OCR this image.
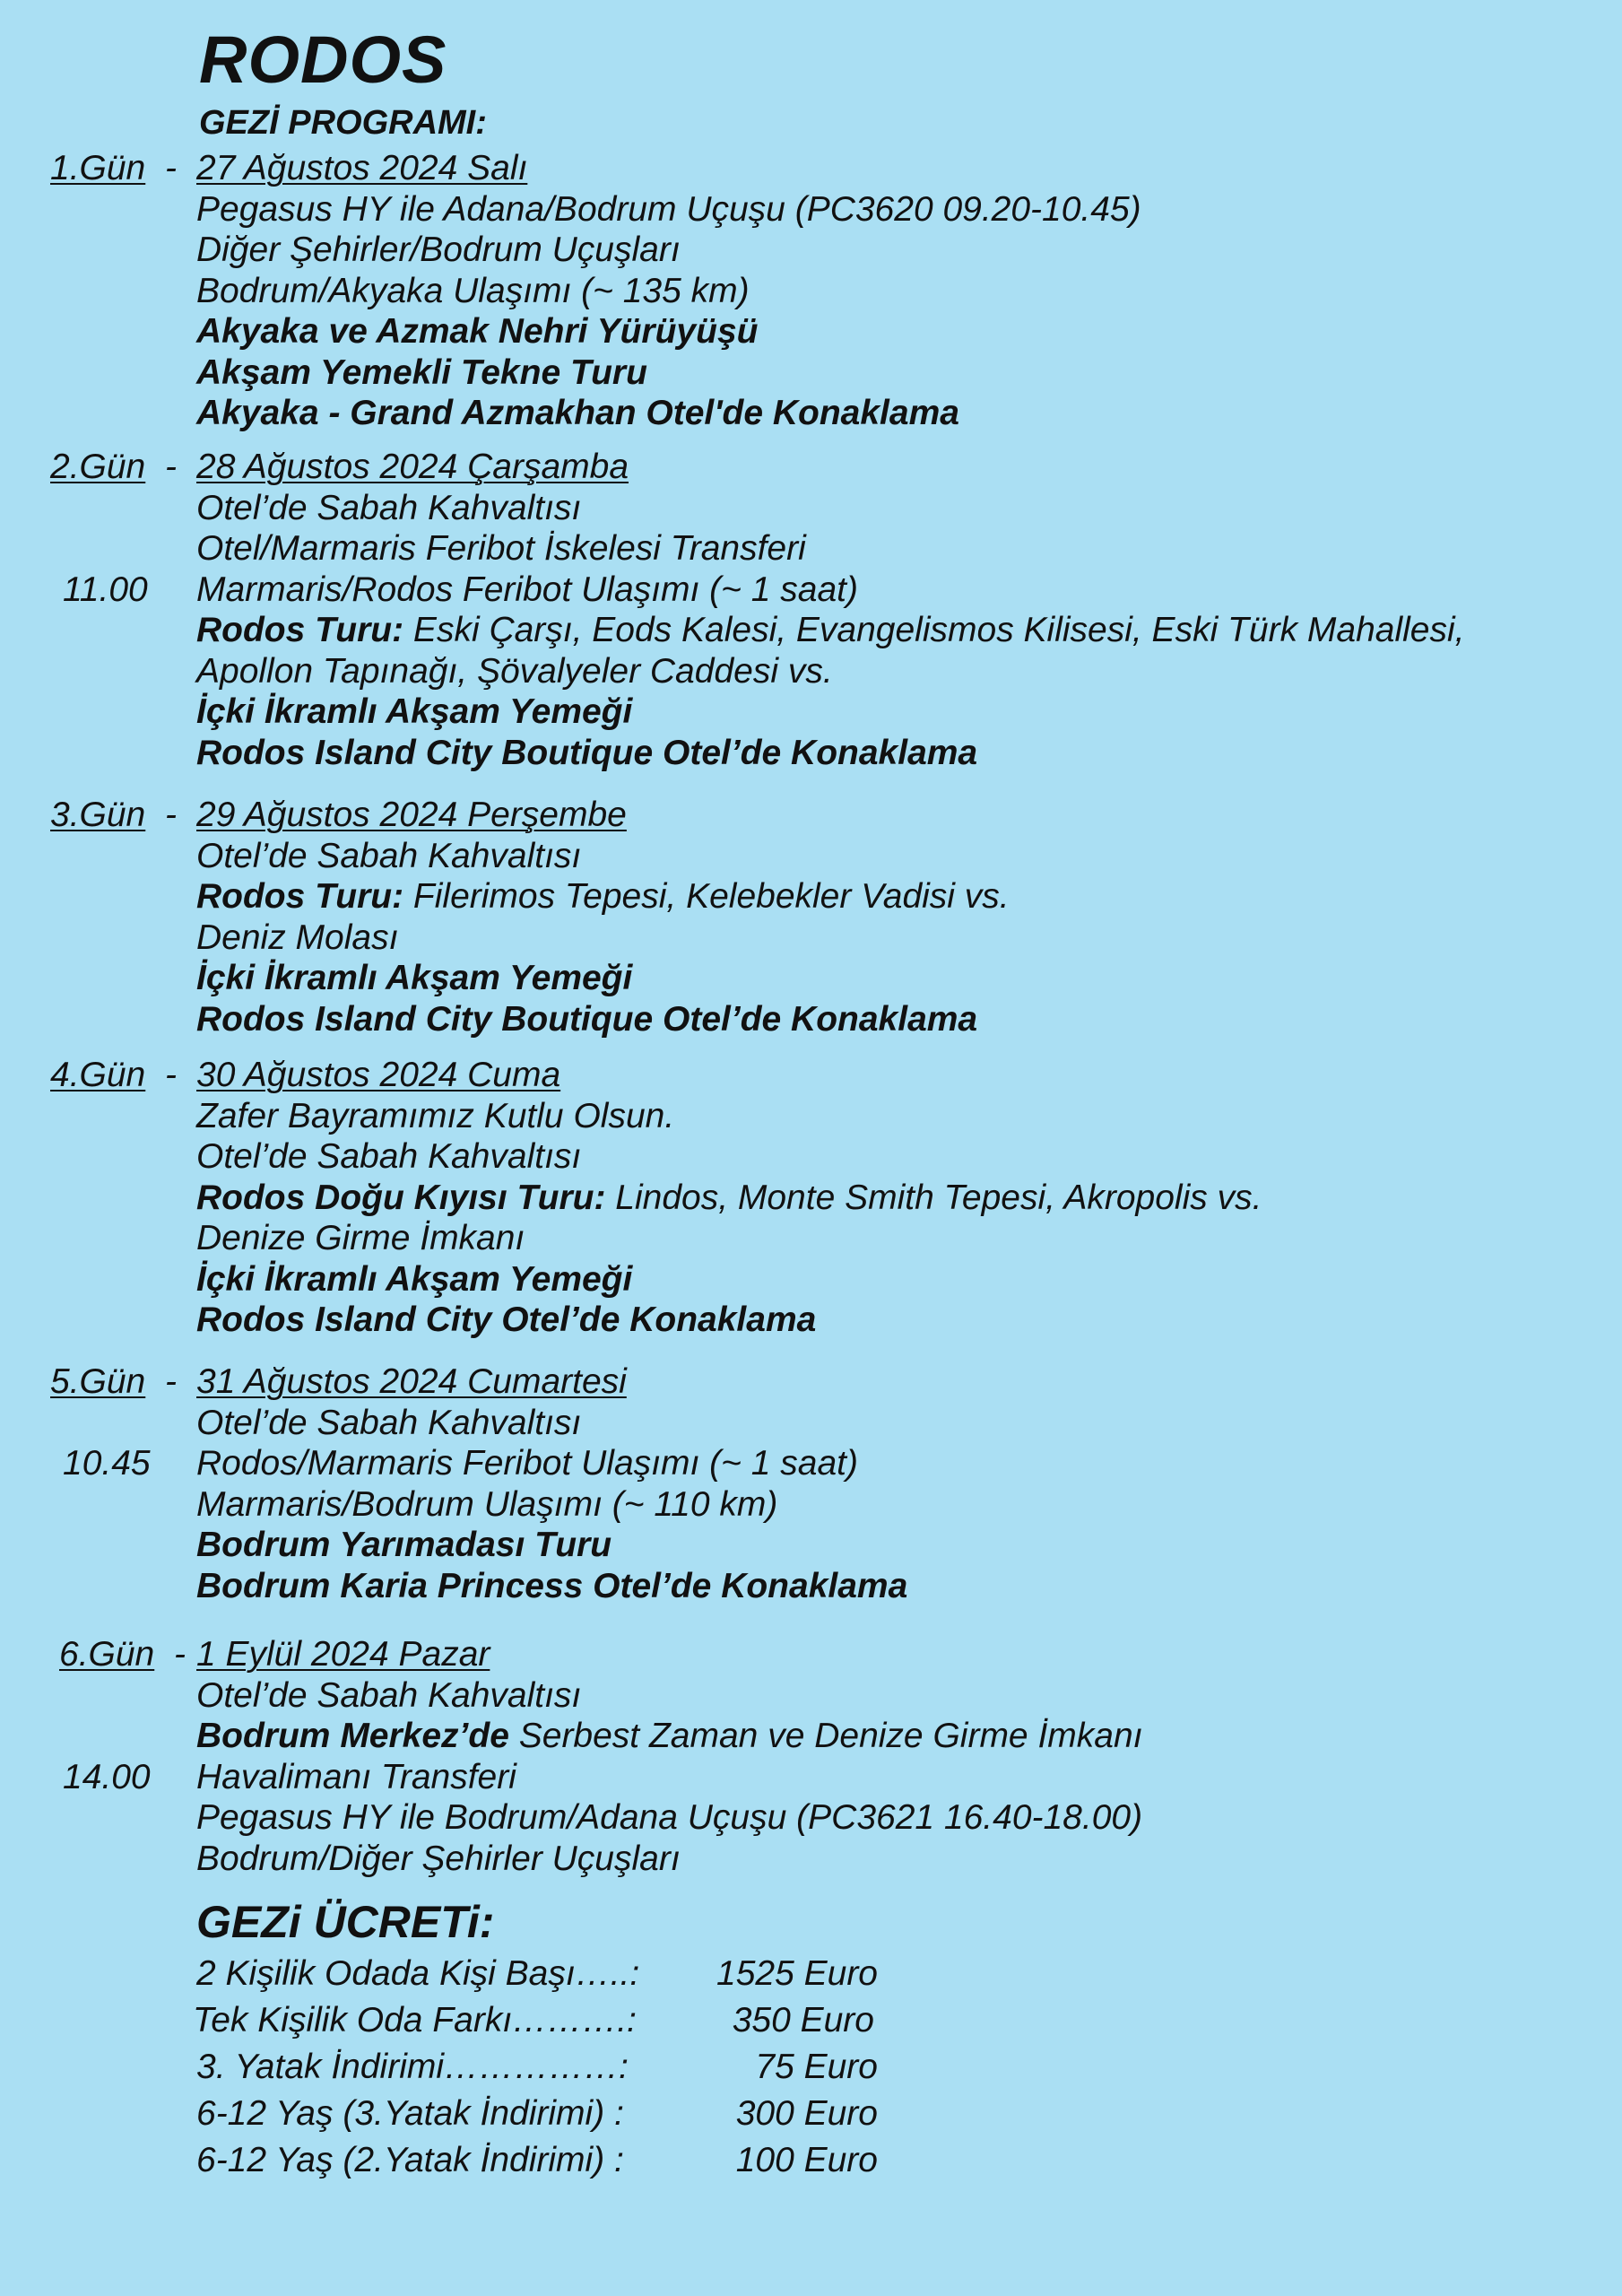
RODOS
GEZİ PROGRAMI:
1.Gün - 27 Ağustos 2024 Salı
Pegasus HY ile Adana/Bodrum Uçuşu (PC3620 09.20-10.45)
Diğer Şehirler/Bodrum Uçuşları
Bodrum/Akyaka Ulaşımı (~ 135 km)
Akyaka ve Azmak Nehri Yürüyüşü
Akşam Yemekli Tekne Turu
Akyaka - Grand Azmakhan Otel'de Konaklama
2.Gün - 28 Ağustos 2024 Çarşamba
Otel’de Sabah Kahvaltısı
Otel/Marmaris Feribot İskelesi Transferi
11.00 Marmaris/Rodos Feribot Ulaşımı (~ 1 saat)
Rodos Turu: Eski Çarşı, Eods Kalesi, Evangelismos Kilisesi, Eski Türk Mahallesi,
Apollon Tapınağı, Şövalyeler Caddesi vs.
İçki İkramlı Akşam Yemeği
Rodos Island City Boutique Otel’de Konaklama
3.Gün - 29 Ağustos 2024 Perşembe
Otel’de Sabah Kahvaltısı
Rodos Turu: Filerimos Tepesi, Kelebekler Vadisi vs.
Deniz Molası
İçki İkramlı Akşam Yemeği
Rodos Island City Boutique Otel’de Konaklama
4.Gün - 30 Ağustos 2024 Cuma
Zafer Bayramımız Kutlu Olsun.
Otel’de Sabah Kahvaltısı
Rodos Doğu Kıyısı Turu: Lindos, Monte Smith Tepesi, Akropolis vs.
Denize Girme İmkanı
İçki İkramlı Akşam Yemeği
Rodos Island City Otel’de Konaklama
5.Gün - 31 Ağustos 2024 Cumartesi
Otel’de Sabah Kahvaltısı
10.45 Rodos/Marmaris Feribot Ulaşımı (~ 1 saat)
Marmaris/Bodrum Ulaşımı (~ 110 km)
Bodrum Yarımadası Turu
Bodrum Karia Princess Otel’de Konaklama
6.Gün - 1 Eylül 2024 Pazar
Otel’de Sabah Kahvaltısı
Bodrum Merkez’de Serbest Zaman ve Denize Girme İmkanı
14.00 Havalimanı Transferi
Pegasus HY ile Bodrum/Adana Uçuşu (PC3621 16.40-18.00)
Bodrum/Diğer Şehirler Uçuşları
GEZi ÜCRETi:
2 Kişilik Odada Kişi Başı…..: 1525 Euro
Tek Kişilik Oda Farkı……….:	350 Euro
3. Yatak İndirimi……………:	75 Euro
6-12 Yaş (3.Yatak İndirimi) :	300 Euro
6-12 Yaş (2.Yatak İndirimi) :	100 Euro
